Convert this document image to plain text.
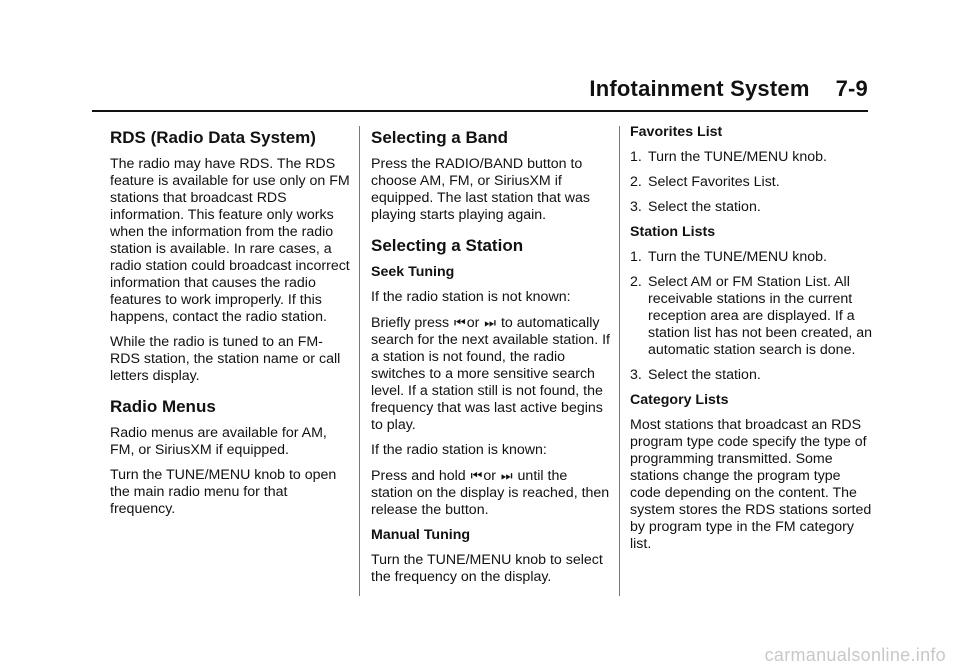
Infotainment System 7-9
RDS (Radio Data System)

The radio may have RDS. The RDS feature is available for use only on FM stations that broadcast RDS information. This feature only works when the information from the radio station is available. In rare cases, a radio station could broadcast incorrect information that causes the radio features to work improperly. If this happens, contact the radio station.

While the radio is tuned to an FM-RDS station, the station name or call letters display.

Radio Menus

Radio menus are available for AM, FM, or SiriusXM if equipped.

Turn the TUNE/MENU knob to open the main radio menu for that frequency.

Selecting a Band

Press the RADIO/BAND button to choose AM, FM, or SiriusXM if equipped. The last station that was playing starts playing again.

Selecting a Station
Seek Tuning

If the radio station is not known:

Briefly press ⏮or ⏭ to automatically search for the next available station. If a station is not found, the radio switches to a more sensitive search level. If a station still is not found, the frequency that was last active begins to play.

If the radio station is known:

Press and hold ⏮or ⏭ until the station on the display is reached, then release the button.

Manual Tuning

Turn the TUNE/MENU knob to select the frequency on the display.

Favorites List
1. Turn the TUNE/MENU knob.
2. Select Favorites List.
3. Select the station.
Station Lists
1. Turn the TUNE/MENU knob.
2. Select AM or FM Station List. All receivable stations in the current reception area are displayed. If a station list has not been created, an automatic station search is done.
3. Select the station.
Category Lists

Most stations that broadcast an RDS program type code specify the type of programming transmitted. Some stations change the program type code depending on the content. The system stores the RDS stations sorted by program type in the FM category list.

carmanualsonline.info
